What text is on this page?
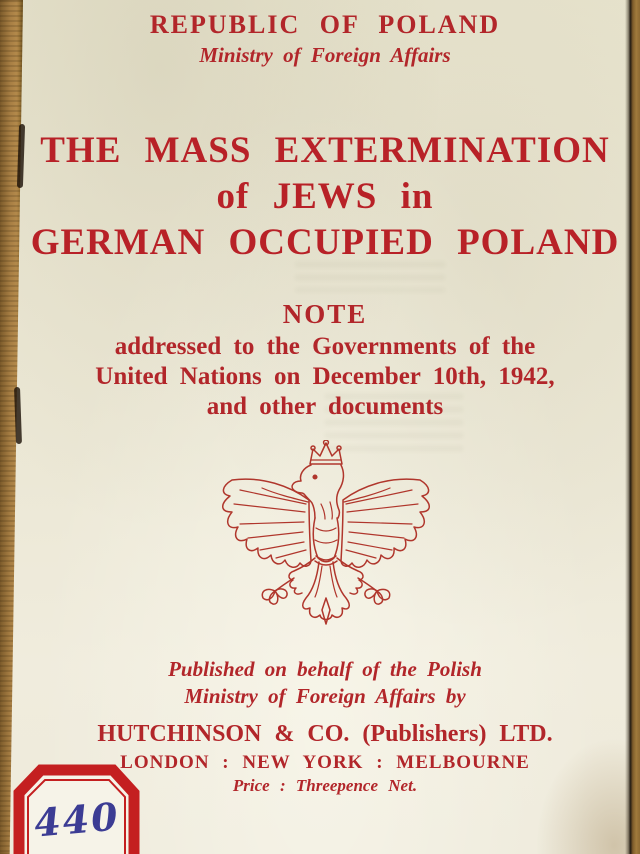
REPUBLIC OF POLAND
Ministry of Foreign Affairs
THE MASS EXTERMINATION
of JEWS in
GERMAN OCCUPIED POLAND
NOTE
addressed to the Governments of the
United Nations on December 10th, 1942,
and other documents
Published on behalf of the Polish
Ministry of Foreign Affairs by
HUTCHINSON & CO. (Publishers) LTD.
LONDON : NEW YORK : MELBOURNE
Price : Threepence Net.
440
